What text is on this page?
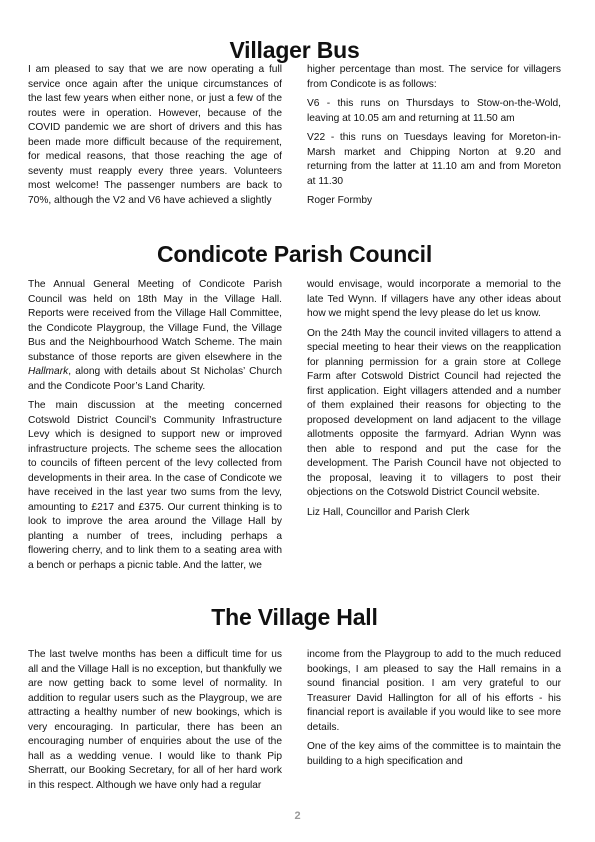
Villager Bus

I am pleased to say that we are now operating a full service once again after the unique circumstances of the last few years when either none, or just a few of the routes were in operation. However, because of the COVID pandemic we are short of drivers and this has been made more difficult because of the requirement, for medical reasons, that those reaching the age of seventy must reapply every three years. Volunteers most welcome! The passenger numbers are back to 70%, although the V2 and V6 have achieved a slightly

higher percentage than most. The service for villagers from Condicote is as follows:

V6 - this runs on Thursdays to Stow-on-the-Wold, leaving at 10.05 am and returning at 11.50 am

V22 - this runs on Tuesdays leaving for Moreton-in-Marsh market and Chipping Norton at 9.20 and returning from the latter at 11.10 am and from Moreton at 11.30

Roger Formby

Condicote Parish Council

The Annual General Meeting of Condicote Parish Council was held on 18th May in the Village Hall. Reports were received from the Village Hall Committee, the Condicote Playgroup, the Village Fund, the Village Bus and the Neighbourhood Watch Scheme. The main substance of those reports are given elsewhere in the Hallmark, along with details about St Nicholas’ Church and the Condicote Poor’s Land Charity.

The main discussion at the meeting concerned Cotswold District Council’s Community Infrastructure Levy which is designed to support new or improved infrastructure projects. The scheme sees the allocation to councils of fifteen percent of the levy collected from developments in their area. In the case of Condicote we have received in the last year two sums from the levy, amounting to £217 and £375. Our current thinking is to look to improve the area around the Village Hall by planting a number of trees, including perhaps a flowering cherry, and to link them to a seating area with a bench or perhaps a picnic table. And the latter, we

would envisage, would incorporate a memorial to the late Ted Wynn. If villagers have any other ideas about how we might spend the levy please do let us know.

On the 24th May the council invited villagers to attend a special meeting to hear their views on the reapplication for planning permission for a grain store at College Farm after Cotswold District Council had rejected the first application. Eight villagers attended and a number of them explained their reasons for objecting to the proposed development on land adjacent to the village allotments opposite the farmyard. Adrian Wynn was then able to respond and put the case for the development. The Parish Council have not objected to the proposal, leaving it to villagers to post their objections on the Cotswold District Council website.

Liz Hall, Councillor and Parish Clerk

The Village Hall

The last twelve months has been a difficult time for us all and the Village Hall is no exception, but thankfully we are now getting back to some level of normality. In addition to regular users such as the Playgroup, we are attracting a healthy number of new bookings, which is very encouraging. In particular, there has been an encouraging number of enquiries about the use of the hall as a wedding venue. I would like to thank Pip Sherratt, our Booking Secretary, for all of her hard work in this respect. Although we have only had a regular

income from the Playgroup to add to the much reduced bookings, I am pleased to say the Hall remains in a sound financial position. I am very grateful to our Treasurer David Hallington for all of his efforts - his financial report is available if you would like to see more details.

One of the key aims of the committee is to maintain the building to a high specification and

2
